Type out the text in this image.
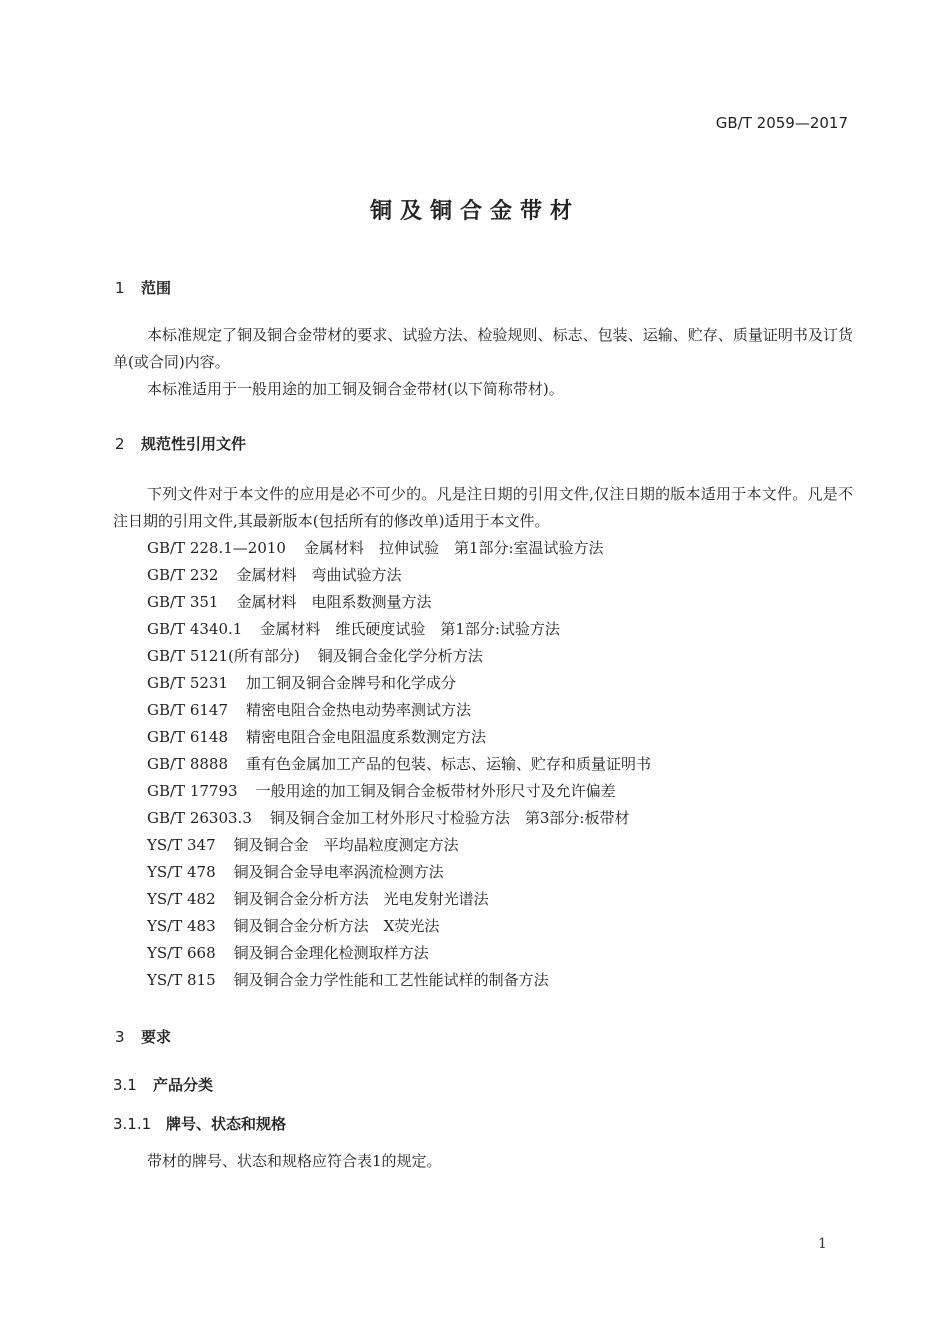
GB/T 2059—2017
铜及铜合金带材
1 范围
本标准规定了铜及铜合金带材的要求、试验方法、检验规则、标志、包装、运输、贮存、质量证明书及订货单(或合同)内容。
本标准适用于一般用途的加工铜及铜合金带材(以下简称带材)。
2 规范性引用文件
下列文件对于本文件的应用是必不可少的。凡是注日期的引用文件,仅注日期的版本适用于本文件。凡是不注日期的引用文件,其最新版本(包括所有的修改单)适用于本文件。
GB/T 228.1—2010 金属材料　拉伸试验　第1部分:室温试验方法
GB/T 232 金属材料　弯曲试验方法
GB/T 351 金属材料　电阻系数测量方法
GB/T 4340.1 金属材料　维氏硬度试验　第1部分:试验方法
GB/T 5121(所有部分) 铜及铜合金化学分析方法
GB/T 5231 加工铜及铜合金牌号和化学成分
GB/T 6147 精密电阻合金热电动势率测试方法
GB/T 6148 精密电阻合金电阻温度系数测定方法
GB/T 8888 重有色金属加工产品的包装、标志、运输、贮存和质量证明书
GB/T 17793 一般用途的加工铜及铜合金板带材外形尺寸及允许偏差
GB/T 26303.3 铜及铜合金加工材外形尺寸检验方法　第3部分:板带材
YS/T 347 铜及铜合金　平均晶粒度测定方法
YS/T 478 铜及铜合金导电率涡流检测方法
YS/T 482 铜及铜合金分析方法　光电发射光谱法
YS/T 483 铜及铜合金分析方法　X荧光法
YS/T 668 铜及铜合金理化检测取样方法
YS/T 815 铜及铜合金力学性能和工艺性能试样的制备方法
3 要求
3.1 产品分类
3.1.1 牌号、状态和规格
带材的牌号、状态和规格应符合表1的规定。
1
